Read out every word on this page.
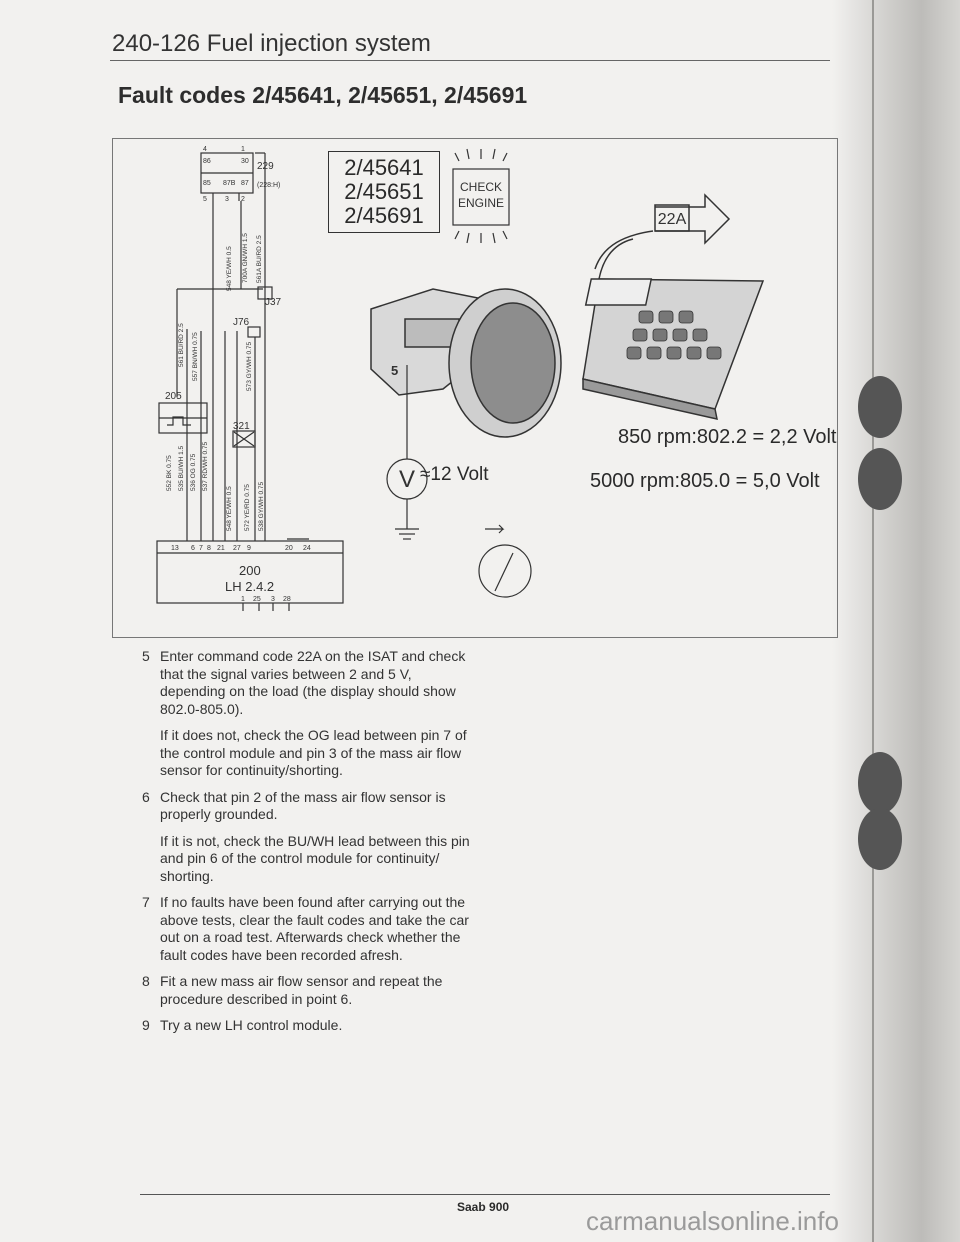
240-126 Fuel injection system
Fault codes 2/45641, 2/45651, 2/45691
548 YE/WH 0.5 700A GN/WH 1.5 561A BU/RD 2.5
561 BU/RD 2.5 557 BN/WH 0.75	573 GY/WH 0.75
552 BK 0.75 535 BU/WH 1.5 536 OG 0.75 537 RD/WH 0.75
548 YE/WH 0.5 572 YE/RD 0.75 538 GY/WH 0.75
4	1
86	30
85 87B 87
5	3 2
(228:H)
13 6 7 8 21 27 9	20 24
1 25 3 28
229
J37
J76
205
321
200
LH 2.4.2
CHECK
ENGINE
5
V
22A
2/45641
2/45651
2/45691
≈12 Volt
850 rpm:802.2 = 2,2 Volt
5000 rpm:805.0 = 5,0 Volt
5 Enter command code 22A on the ISAT and check that the signal varies between 2 and 5 V, depending on the load (the display should show 802.0-805.0).
If it does not, check the OG lead between pin 7 of the control module and pin 3 of the mass air flow sensor for continuity/shorting.
6 Check that pin 2 of the mass air flow sensor is properly grounded.
If it is not, check the BU/WH lead between this pin and pin 6 of the control module for continuity/ shorting.
7 If no faults have been found after carrying out the above tests, clear the fault codes and take the car out on a road test. Afterwards check whether the fault codes have been recorded afresh.
8 Fit a new mass air flow sensor and repeat the procedure described in point 6.
9 Try a new LH control module.
Saab 900	carmanualsonline.info
